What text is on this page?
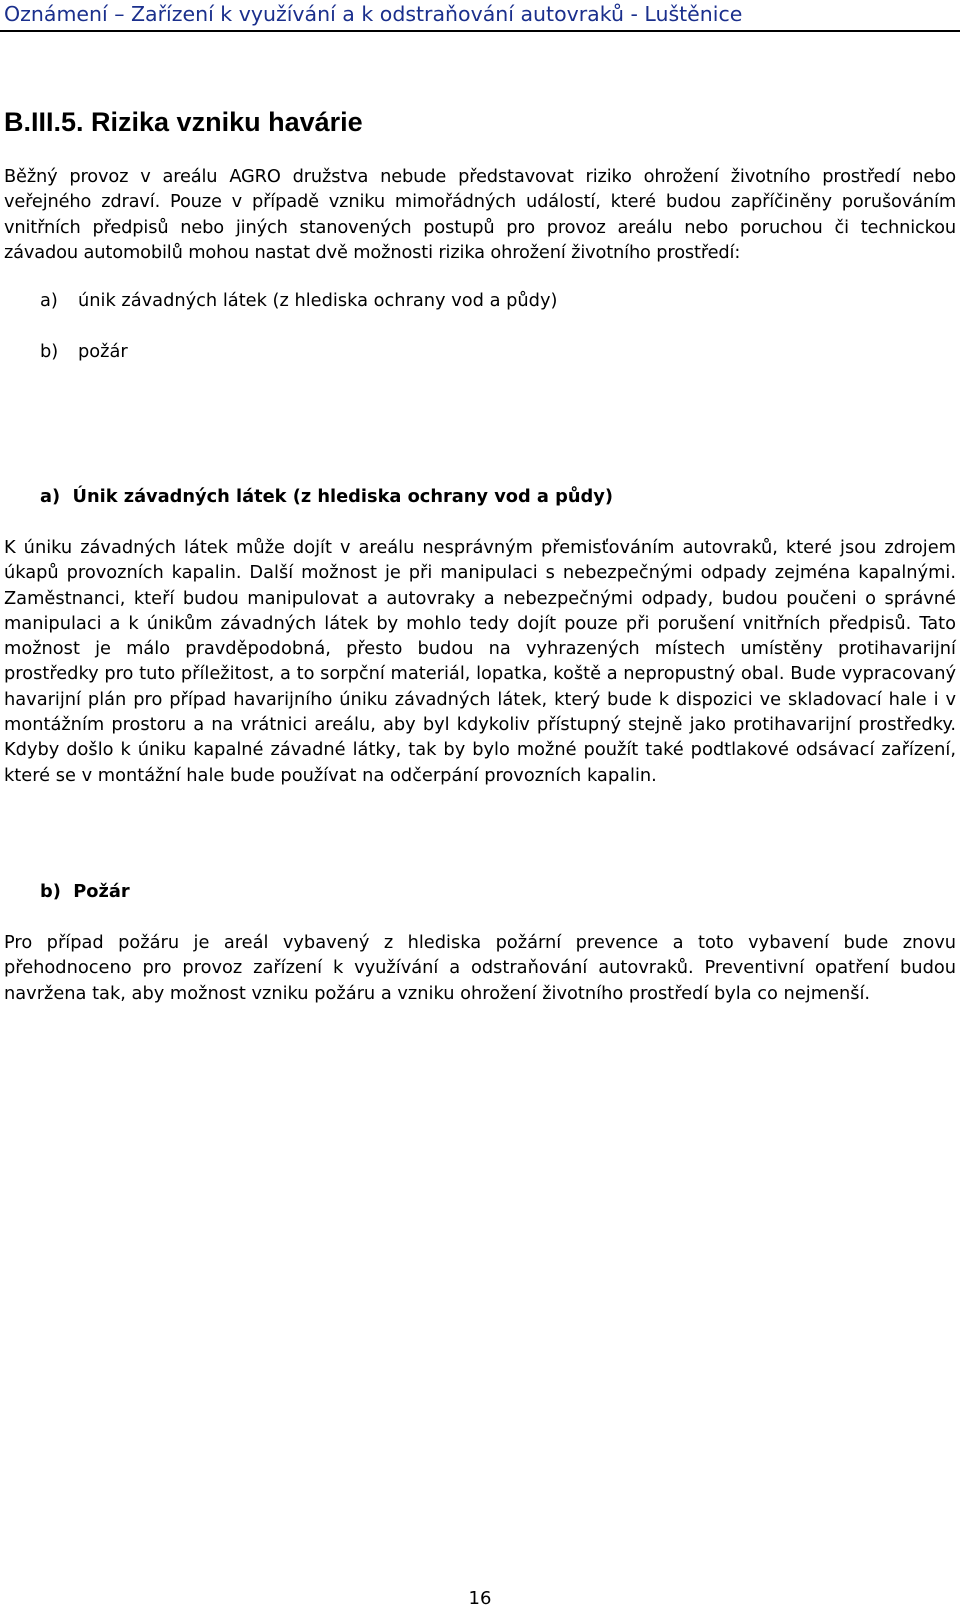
Oznámení – Zařízení k využívání a k odstraňování autovraků - Luštěnice
B.III.5. Rizika vzniku havárie

Běžný provoz v areálu AGRO družstva nebude představovat riziko ohrožení životního prostředí nebo veřejného zdraví. Pouze v případě vzniku mimořádných událostí, které budou zapříčiněny porušováním vnitřních předpisů nebo jiných stanovených postupů pro provoz areálu nebo poruchou či technickou závadou automobilů mohou nastat dvě možnosti rizika ohrožení životního prostředí:

a) únik závadných látek (z hlediska ochrany vod a půdy)
b) požár
a)  Únik závadných látek (z hlediska ochrany vod a půdy)

K úniku závadných látek může dojít v areálu nesprávným přemisťováním autovraků, které jsou zdrojem úkapů provozních kapalin. Další možnost je při manipulaci s nebezpečnými odpady zejména kapalnými. Zaměstnanci, kteří budou manipulovat a autovraky a nebezpečnými odpady, budou poučeni o správné manipulaci a k únikům závadných látek by mohlo tedy dojít pouze při porušení vnitřních předpisů. Tato možnost je málo pravděpodobná, přesto budou na vyhrazených místech umístěny protihavarijní prostředky pro tuto příležitost, a to sorpční materiál, lopatka, koště a nepropustný obal. Bude vypracovaný havarijní plán pro případ havarijního úniku závadných látek, který bude k dispozici ve skladovací hale i v montážním prostoru a na vrátnici areálu, aby byl kdykoliv přístupný stejně jako protihavarijní prostředky. Kdyby došlo k úniku kapalné závadné látky, tak by bylo možné použít také podtlakové odsávací zařízení, které se v montážní hale bude používat na odčerpání provozních kapalin.

b)  Požár

Pro případ požáru je areál vybavený z hlediska požární prevence a toto vybavení bude znovu přehodnoceno pro provoz zařízení k využívání a odstraňování autovraků. Preventivní opatření budou navržena tak, aby možnost vzniku požáru a vzniku ohrožení životního prostředí byla co nejmenší.

16
